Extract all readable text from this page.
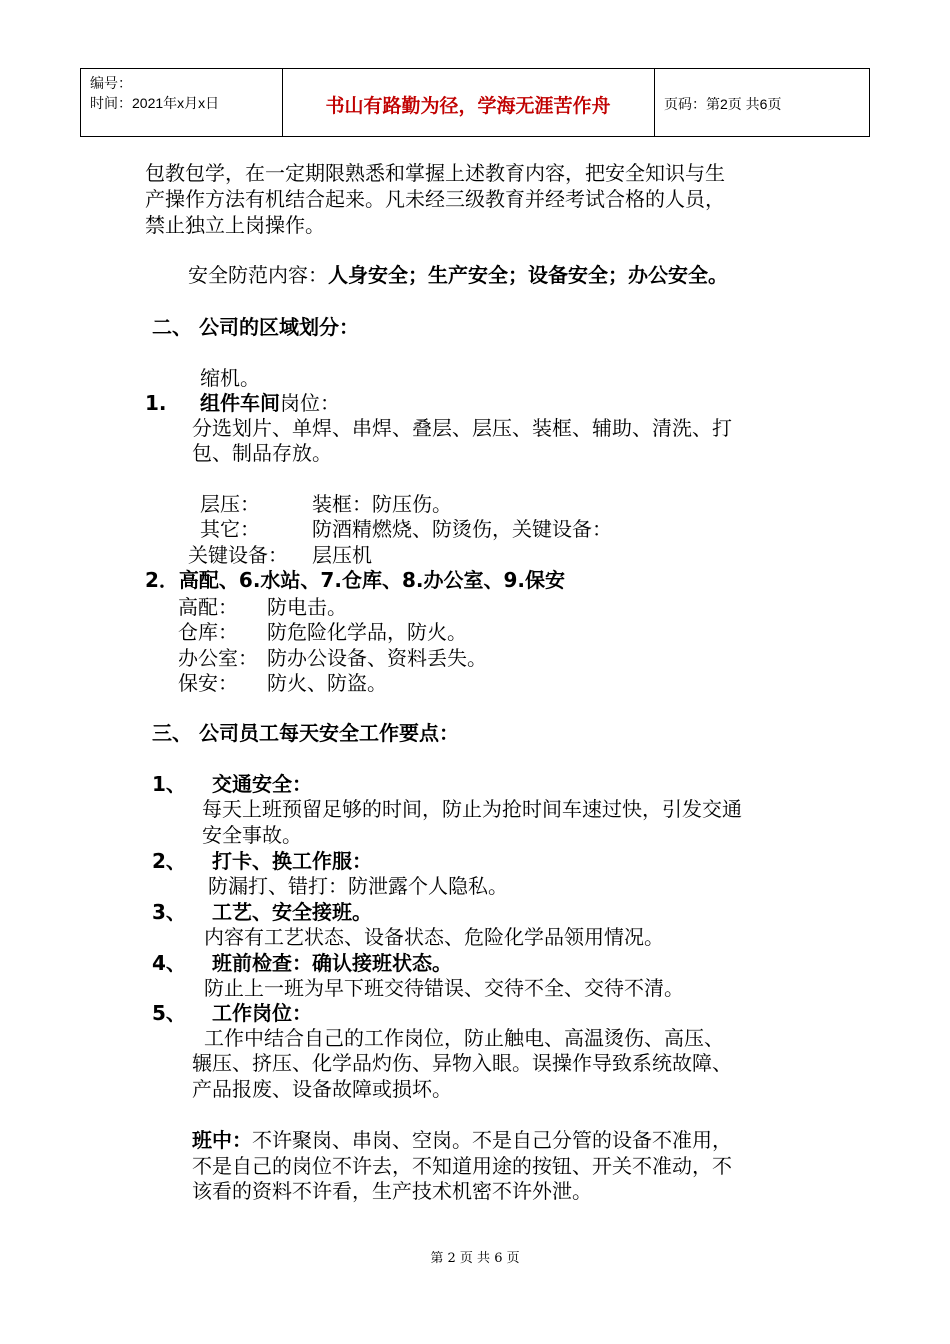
编号：
时间：2021年x月x日	书山有路勤为径，学海无涯苦作舟	页码：第2页 共6页
包教包学，在一定期限熟悉和掌握上述教育内容，把安全知识与生
产操作方法有机结合起来。凡未经三级教育并经考试合格的人员，
禁止独立上岗操作。
安全防范内容：人身安全；生产安全；设备安全；办公安全。
二、 公司的区域划分：
缩机。
1. 组件车间岗位：
分选划片、单焊、串焊、叠层、层压、装框、辅助、清洗、打
包、制品存放。
层压：	装框：防压伤。
其它：	防酒精燃烧、防烫伤，关键设备：
关键设备： 层压机
2．高配、6.水站、7.仓库、8.办公室、9.保安
高配： 防电击。
仓库： 防危险化学品，防火。
办公室： 防办公设备、资料丢失。
保安： 防火、防盗。
三、 公司员工每天安全工作要点：
1、 交通安全：
每天上班预留足够的时间，防止为抢时间车速过快，引发交通
安全事故。
2、 打卡、换工作服：
防漏打、错打：防泄露个人隐私。
3、 工艺、安全接班。
内容有工艺状态、设备状态、危险化学品领用情况。
4、 班前检查：确认接班状态。
防止上一班为早下班交待错误、交待不全、交待不清。
5、 工作岗位：
工作中结合自己的工作岗位，防止触电、高温烫伤、高压、
辗压、挤压、化学品灼伤、异物入眼。误操作导致系统故障、
产品报废、设备故障或损坏。
班中：不许聚岗、串岗、空岗。不是自己分管的设备不准用，
不是自己的岗位不许去，不知道用途的按钮、开关不准动，不
该看的资料不许看，生产技术机密不许外泄。
第 2 页 共 6 页
